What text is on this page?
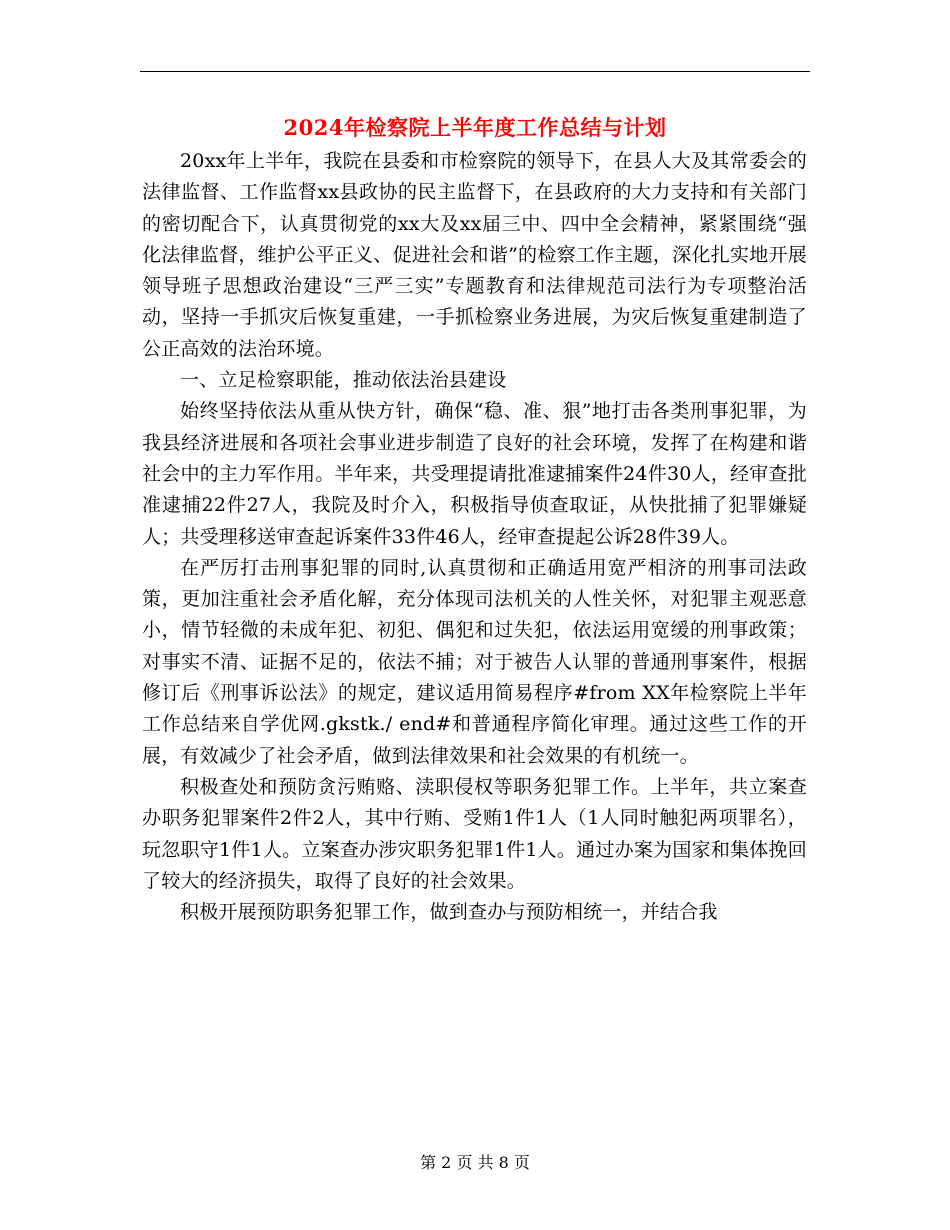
2024年检察院上半年度工作总结与计划

20xx年上半年，我院在县委和市检察院的领导下，在县人大及其常委会的法律监督、工作监督xx县政协的民主监督下，在县政府的大力支持和有关部门的密切配合下，认真贯彻党的xx大及xx届三中、四中全会精神，紧紧围绕“强化法律监督，维护公平正义、促进社会和谐”的检察工作主题，深化扎实地开展领导班子思想政治建设“三严三实”专题教育和法律规范司法行为专项整治活动，坚持一手抓灾后恢复重建，一手抓检察业务进展，为灾后恢复重建制造了公正高效的法治环境。

一、立足检察职能，推动依法治县建设

始终坚持依法从重从快方针，确保“稳、准、狠”地打击各类刑事犯罪，为我县经济进展和各项社会事业进步制造了良好的社会环境，发挥了在构建和谐社会中的主力军作用。半年来，共受理提请批准逮捕案件24件30人，经审查批准逮捕22件27人，我院及时介入，积极指导侦查取证，从快批捕了犯罪嫌疑人；共受理移送审查起诉案件33件46人，经审查提起公诉28件39人。

在严厉打击刑事犯罪的同时,认真贯彻和正确适用宽严相济的刑事司法政策，更加注重社会矛盾化解，充分体现司法机关的人性关怀，对犯罪主观恶意小，情节轻微的未成年犯、初犯、偶犯和过失犯，依法运用宽缓的刑事政策；对事实不清、证据不足的，依法不捕；对于被告人认罪的普通刑事案件，根据修订后《刑事诉讼法》的规定，建议适用简易程序#from XX年检察院上半年工作总结来自学优网.gkstk./ end#和普通程序简化审理。通过这些工作的开展，有效减少了社会矛盾，做到法律效果和社会效果的有机统一。

积极查处和预防贪污贿赂、渎职侵权等职务犯罪工作。上半年，共立案查办职务犯罪案件2件2人，其中行贿、受贿1件1人（1人同时触犯两项罪名），玩忽职守1件1人。立案查办涉灾职务犯罪1件1人。通过办案为国家和集体挽回了较大的经济损失，取得了良好的社会效果。

积极开展预防职务犯罪工作，做到查办与预防相统一，并结合我

第 2 页 共 8 页
